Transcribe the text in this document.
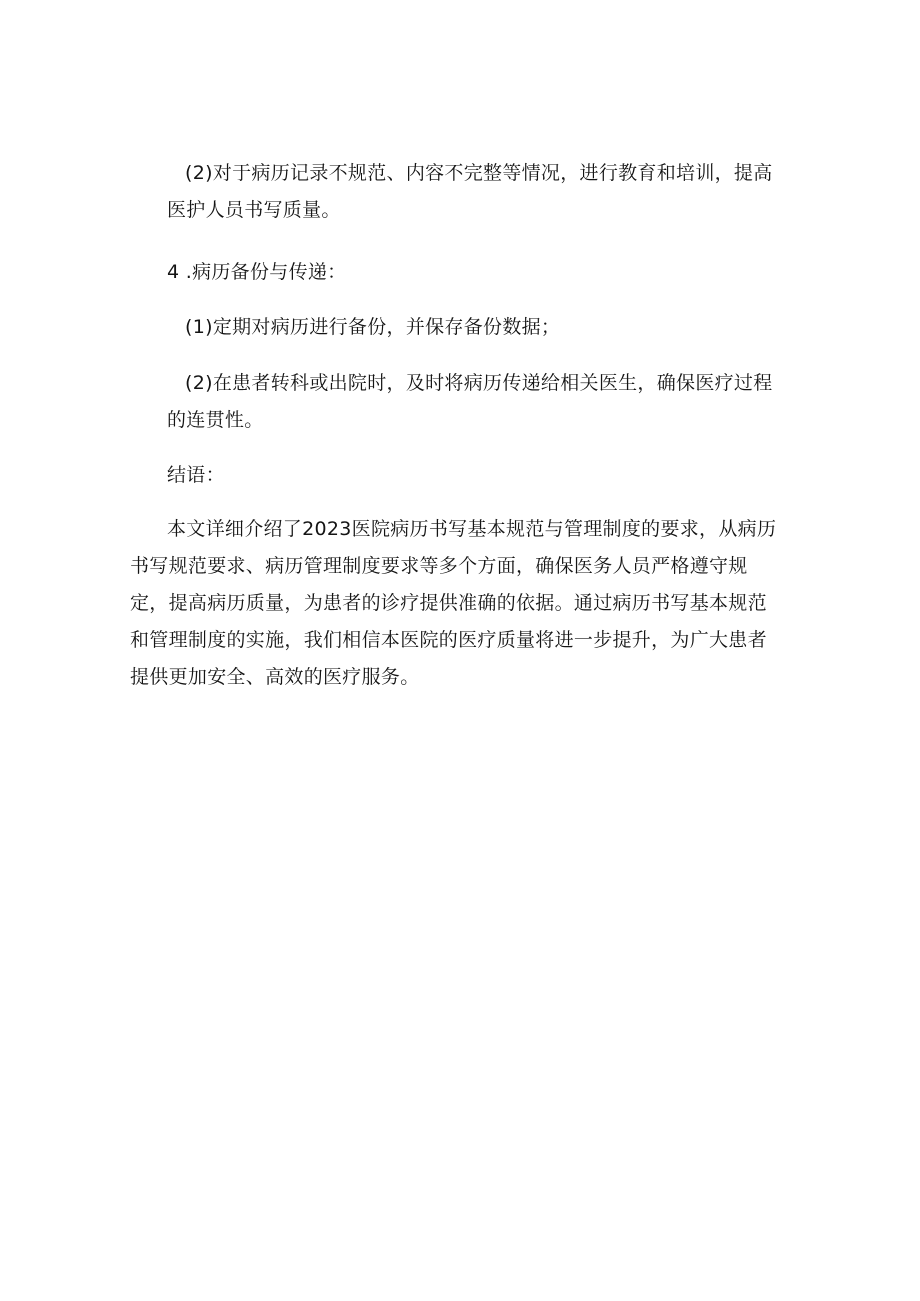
(2)对于病历记录不规范、内容不完整等情况，进行教育和培训，提高医护人员书写质量。

4 .病历备份与传递：

(1)定期对病历进行备份，并保存备份数据；

(2)在患者转科或出院时，及时将病历传递给相关医生，确保医疗过程的连贯性。

结语：

本文详细介绍了2023医院病历书写基本规范与管理制度的要求，从病历书写规范要求、病历管理制度要求等多个方面，确保医务人员严格遵守规定，提高病历质量，为患者的诊疗提供准确的依据。通过病历书写基本规范和管理制度的实施，我们相信本医院的医疗质量将进一步提升，为广大患者提供更加安全、高效的医疗服务。
